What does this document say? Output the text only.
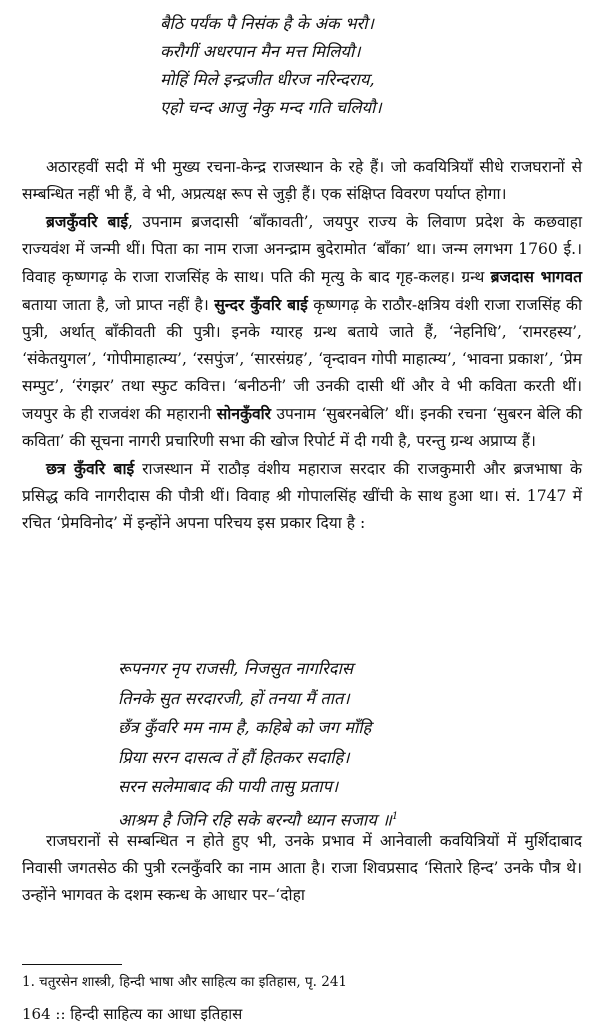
बैठि पर्यंक पै निसंक है के अंक भरौ।
करौगीं अधरपान मैन मत्त मिलियौ।
मोहिं मिले इन्द्रजीत धीरज नरिन्दराय,
एहो चन्द आजु नेकु मन्द गति चलियौ।

अठारहवीं सदी में भी मुख्य रचना-केन्द्र राजस्थान के रहे हैं। जो कवयित्रियाँ सीधे राजघरानों से सम्बन्धित नहीं भी हैं, वे भी, अप्रत्यक्ष रूप से जुड़ी हैं। एक संक्षिप्त विवरण पर्याप्त होगा।

ब्रजकुँवरि बाई, उपनाम ब्रजदासी ‘बाँकावती’, जयपुर राज्य के लिवाण प्रदेश के कछवाहा राज्यवंश में जन्मी थीं। पिता का नाम राजा अनन्द्राम बुदेरामोत ‘बाँका’ था। जन्म लगभग 1760 ई.। विवाह कृष्णगढ़ के राजा राजसिंह के साथ। पति की मृत्यु के बाद गृह-कलह। ग्रन्थ ब्रजदास भागवत बताया जाता है, जो प्राप्त नहीं है। सुन्दर कुँवरि बाई कृष्णगढ़ के राठौर-क्षत्रिय वंशी राजा राजसिंह की पुत्री, अर्थात् बाँकीवती की पुत्री। इनके ग्यारह ग्रन्थ बताये जाते हैं, ‘नेहनिधि’, ‘रामरहस्य’, ‘संकेतयुगल’, ‘गोपीमाहात्म्य’, ‘रसपुंज’, ‘सारसंग्रह’, ‘वृन्दावन गोपी माहात्म्य’, ‘भावना प्रकाश’, ‘प्रेम सम्पुट’, ‘रंगझर’ तथा स्फुट कवित्त। ‘बनीठनी’ जी उनकी दासी थीं और वे भी कविता करती थीं। जयपुर के ही राजवंश की महारानी सोनकुँवरि उपनाम ‘सुबरनबेलि’ थीं। इनकी रचना ‘सुबरन बेलि की कविता’ की सूचना नागरी प्रचारिणी सभा की खोज रिपोर्ट में दी गयी है, परन्तु ग्रन्थ अप्राप्य हैं।

छत्र कुँवरि बाई राजस्थान में राठौड़ वंशीय महाराज सरदार की राजकुमारी और ब्रजभाषा के प्रसिद्ध कवि नागरीदास की पौत्री थीं। विवाह श्री गोपालसिंह खींची के साथ हुआ था। सं. 1747 में रचित ‘प्रेमविनोद’ में इन्होंने अपना परिचय इस प्रकार दिया है :

रूपनगर नृप राजसी, निजसुत नागरिदास
तिनके सुत सरदारजी, हों तनया मैं तात।
छँत्र कुँवरि मम नाम है, कहिबे को जग माँहि
प्रिया सरन दासत्व तें हौं हितकर सदाहि।
सरन सलेमाबाद की पायी तासु प्रताप।
आश्रम है जिनि रहि सके बरन्यौ ध्यान सजाय ॥$^1$

राजघरानों से सम्बन्धित न होते हुए भी, उनके प्रभाव में आनेवाली कवयित्रियों में मुर्शिदाबाद निवासी जगतसेठ की पुत्री रत्नकुँवरि का नाम आता है। राजा शिवप्रसाद ‘सितारे हिन्द’ उनके पौत्र थे। उन्होंने भागवत के दशम स्कन्ध के आधार पर–‘दोहा

1. चतुरसेन शास्त्री, हिन्दी भाषा और साहित्य का इतिहास, पृ. 241
164 :: हिन्दी साहित्य का आधा इतिहास
